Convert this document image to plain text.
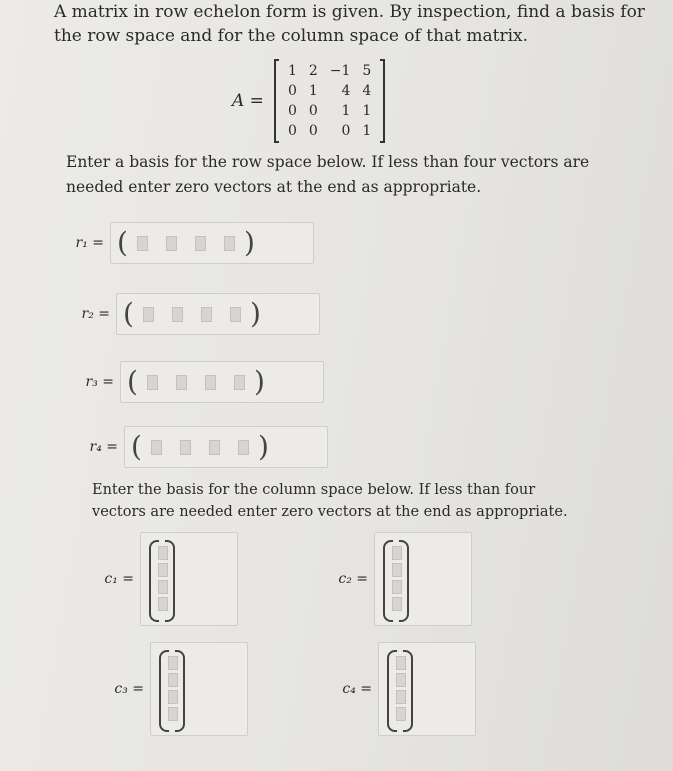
A matrix in row echelon form is given. By inspection, find a basis for
the row space and for the column space of that matrix.
A =
1	2	−1	5
0	1	4	4
0	0	1	1
0	0	0	1
Enter a basis for the row space below. If less than four vectors are
needed enter zero vectors at the end as appropriate.
r₁ = (	)
r₂ = (	)
r₃ = (	)
r₄ = (	)
Enter the basis for the column space below. If less than four
vectors are needed enter zero vectors at the end as appropriate.
c₁ =	c₂ =
c₃ =	c₄ =
